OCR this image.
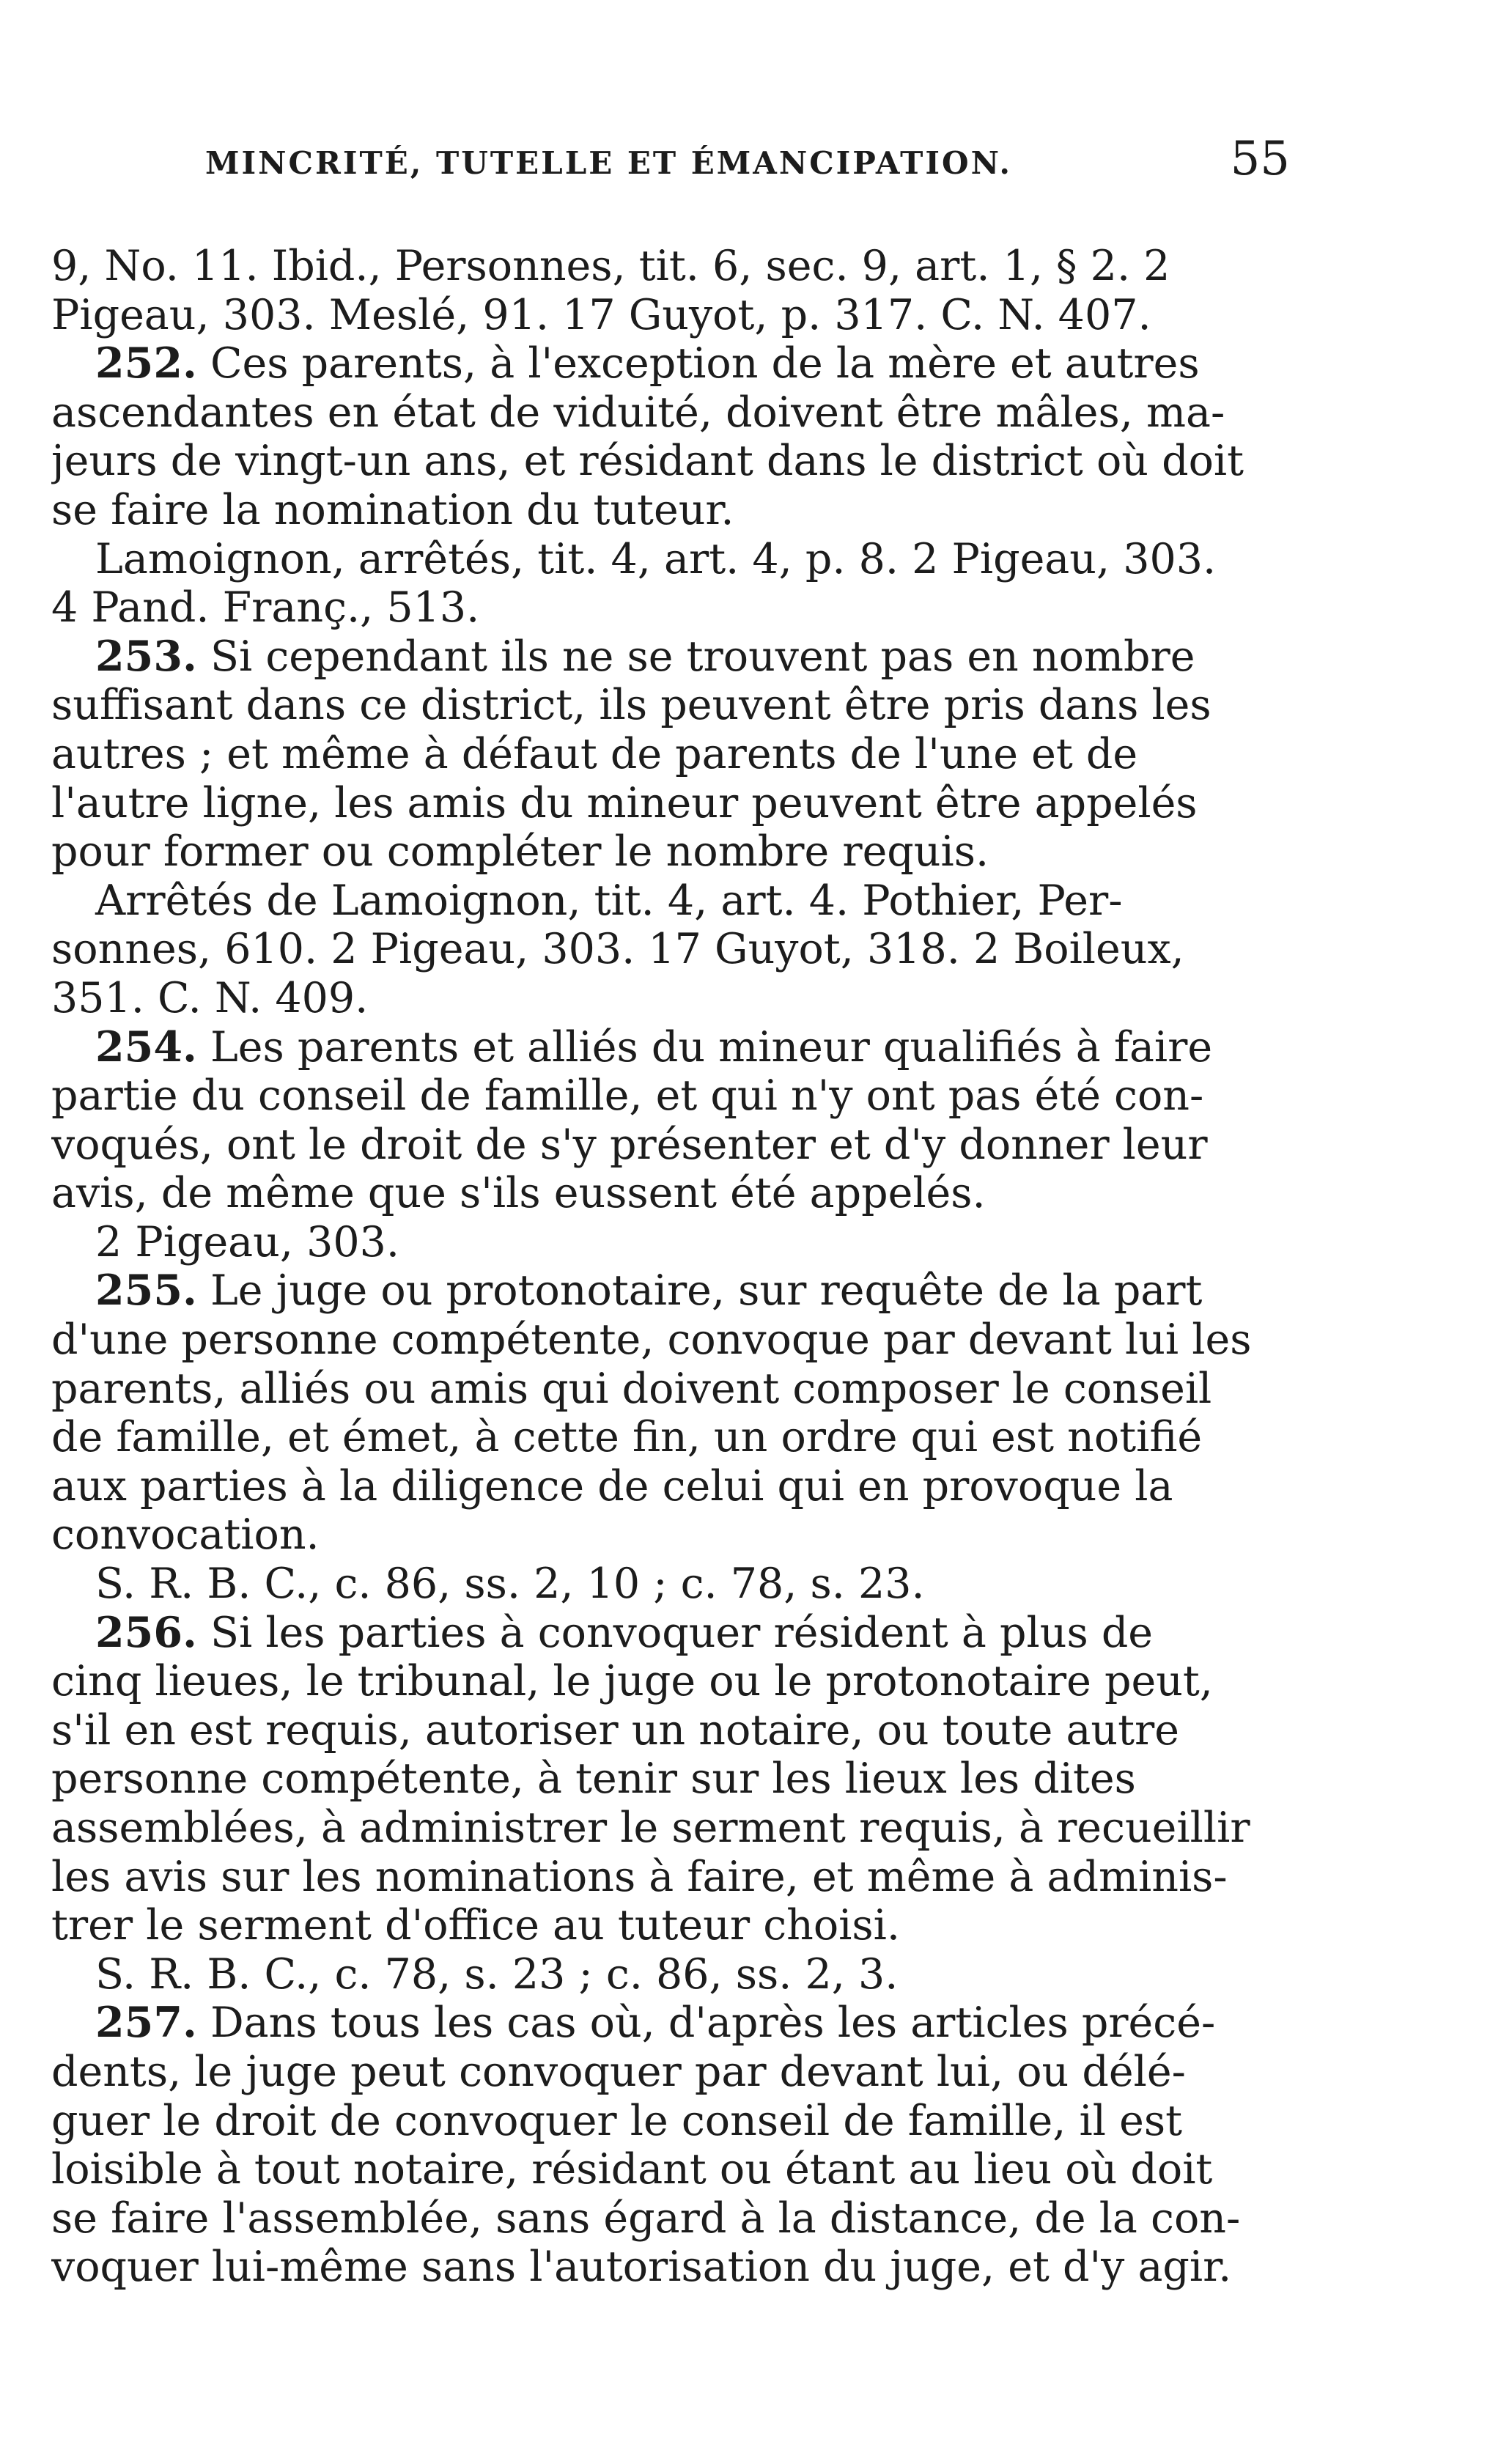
MINCRITÉ, TUTELLE ET ÉMANCIPATION.	55
9, No. 11. Ibid., Personnes, tit. 6, sec. 9, art. 1, § 2. 2
Pigeau, 303. Meslé, 91. 17 Guyot, p. 317. C. N. 407.
252. Ces parents, à l'exception de la mère et autres
ascendantes en état de viduité, doivent être mâles, ma-
jeurs de vingt-un ans, et résidant dans le district où doit
se faire la nomination du tuteur.
Lamoignon, arrêtés, tit. 4, art. 4, p. 8. 2 Pigeau, 303.
4 Pand. Franç., 513.
253. Si cependant ils ne se trouvent pas en nombre
suffisant dans ce district, ils peuvent être pris dans les
autres ; et même à défaut de parents de l'une et de
l'autre ligne, les amis du mineur peuvent être appelés
pour former ou compléter le nombre requis.
Arrêtés de Lamoignon, tit. 4, art. 4. Pothier, Per-
sonnes, 610. 2 Pigeau, 303. 17 Guyot, 318. 2 Boileux,
351. C. N. 409.
254. Les parents et alliés du mineur qualifiés à faire
partie du conseil de famille, et qui n'y ont pas été con-
voqués, ont le droit de s'y présenter et d'y donner leur
avis, de même que s'ils eussent été appelés.
2 Pigeau, 303.
255. Le juge ou protonotaire, sur requête de la part
d'une personne compétente, convoque par devant lui les
parents, alliés ou amis qui doivent composer le conseil
de famille, et émet, à cette fin, un ordre qui est notifié
aux parties à la diligence de celui qui en provoque la
convocation.
S. R. B. C., c. 86, ss. 2, 10 ; c. 78, s. 23.
256. Si les parties à convoquer résident à plus de
cinq lieues, le tribunal, le juge ou le protonotaire peut,
s'il en est requis, autoriser un notaire, ou toute autre
personne compétente, à tenir sur les lieux les dites
assemblées, à administrer le serment requis, à recueillir
les avis sur les nominations à faire, et même à adminis-
trer le serment d'office au tuteur choisi.
S. R. B. C., c. 78, s. 23 ; c. 86, ss. 2, 3.
257. Dans tous les cas où, d'après les articles précé-
dents, le juge peut convoquer par devant lui, ou délé-
guer le droit de convoquer le conseil de famille, il est
loisible à tout notaire, résidant ou étant au lieu où doit
se faire l'assemblée, sans égard à la distance, de la con-
voquer lui-même sans l'autorisation du juge, et d'y agir.
